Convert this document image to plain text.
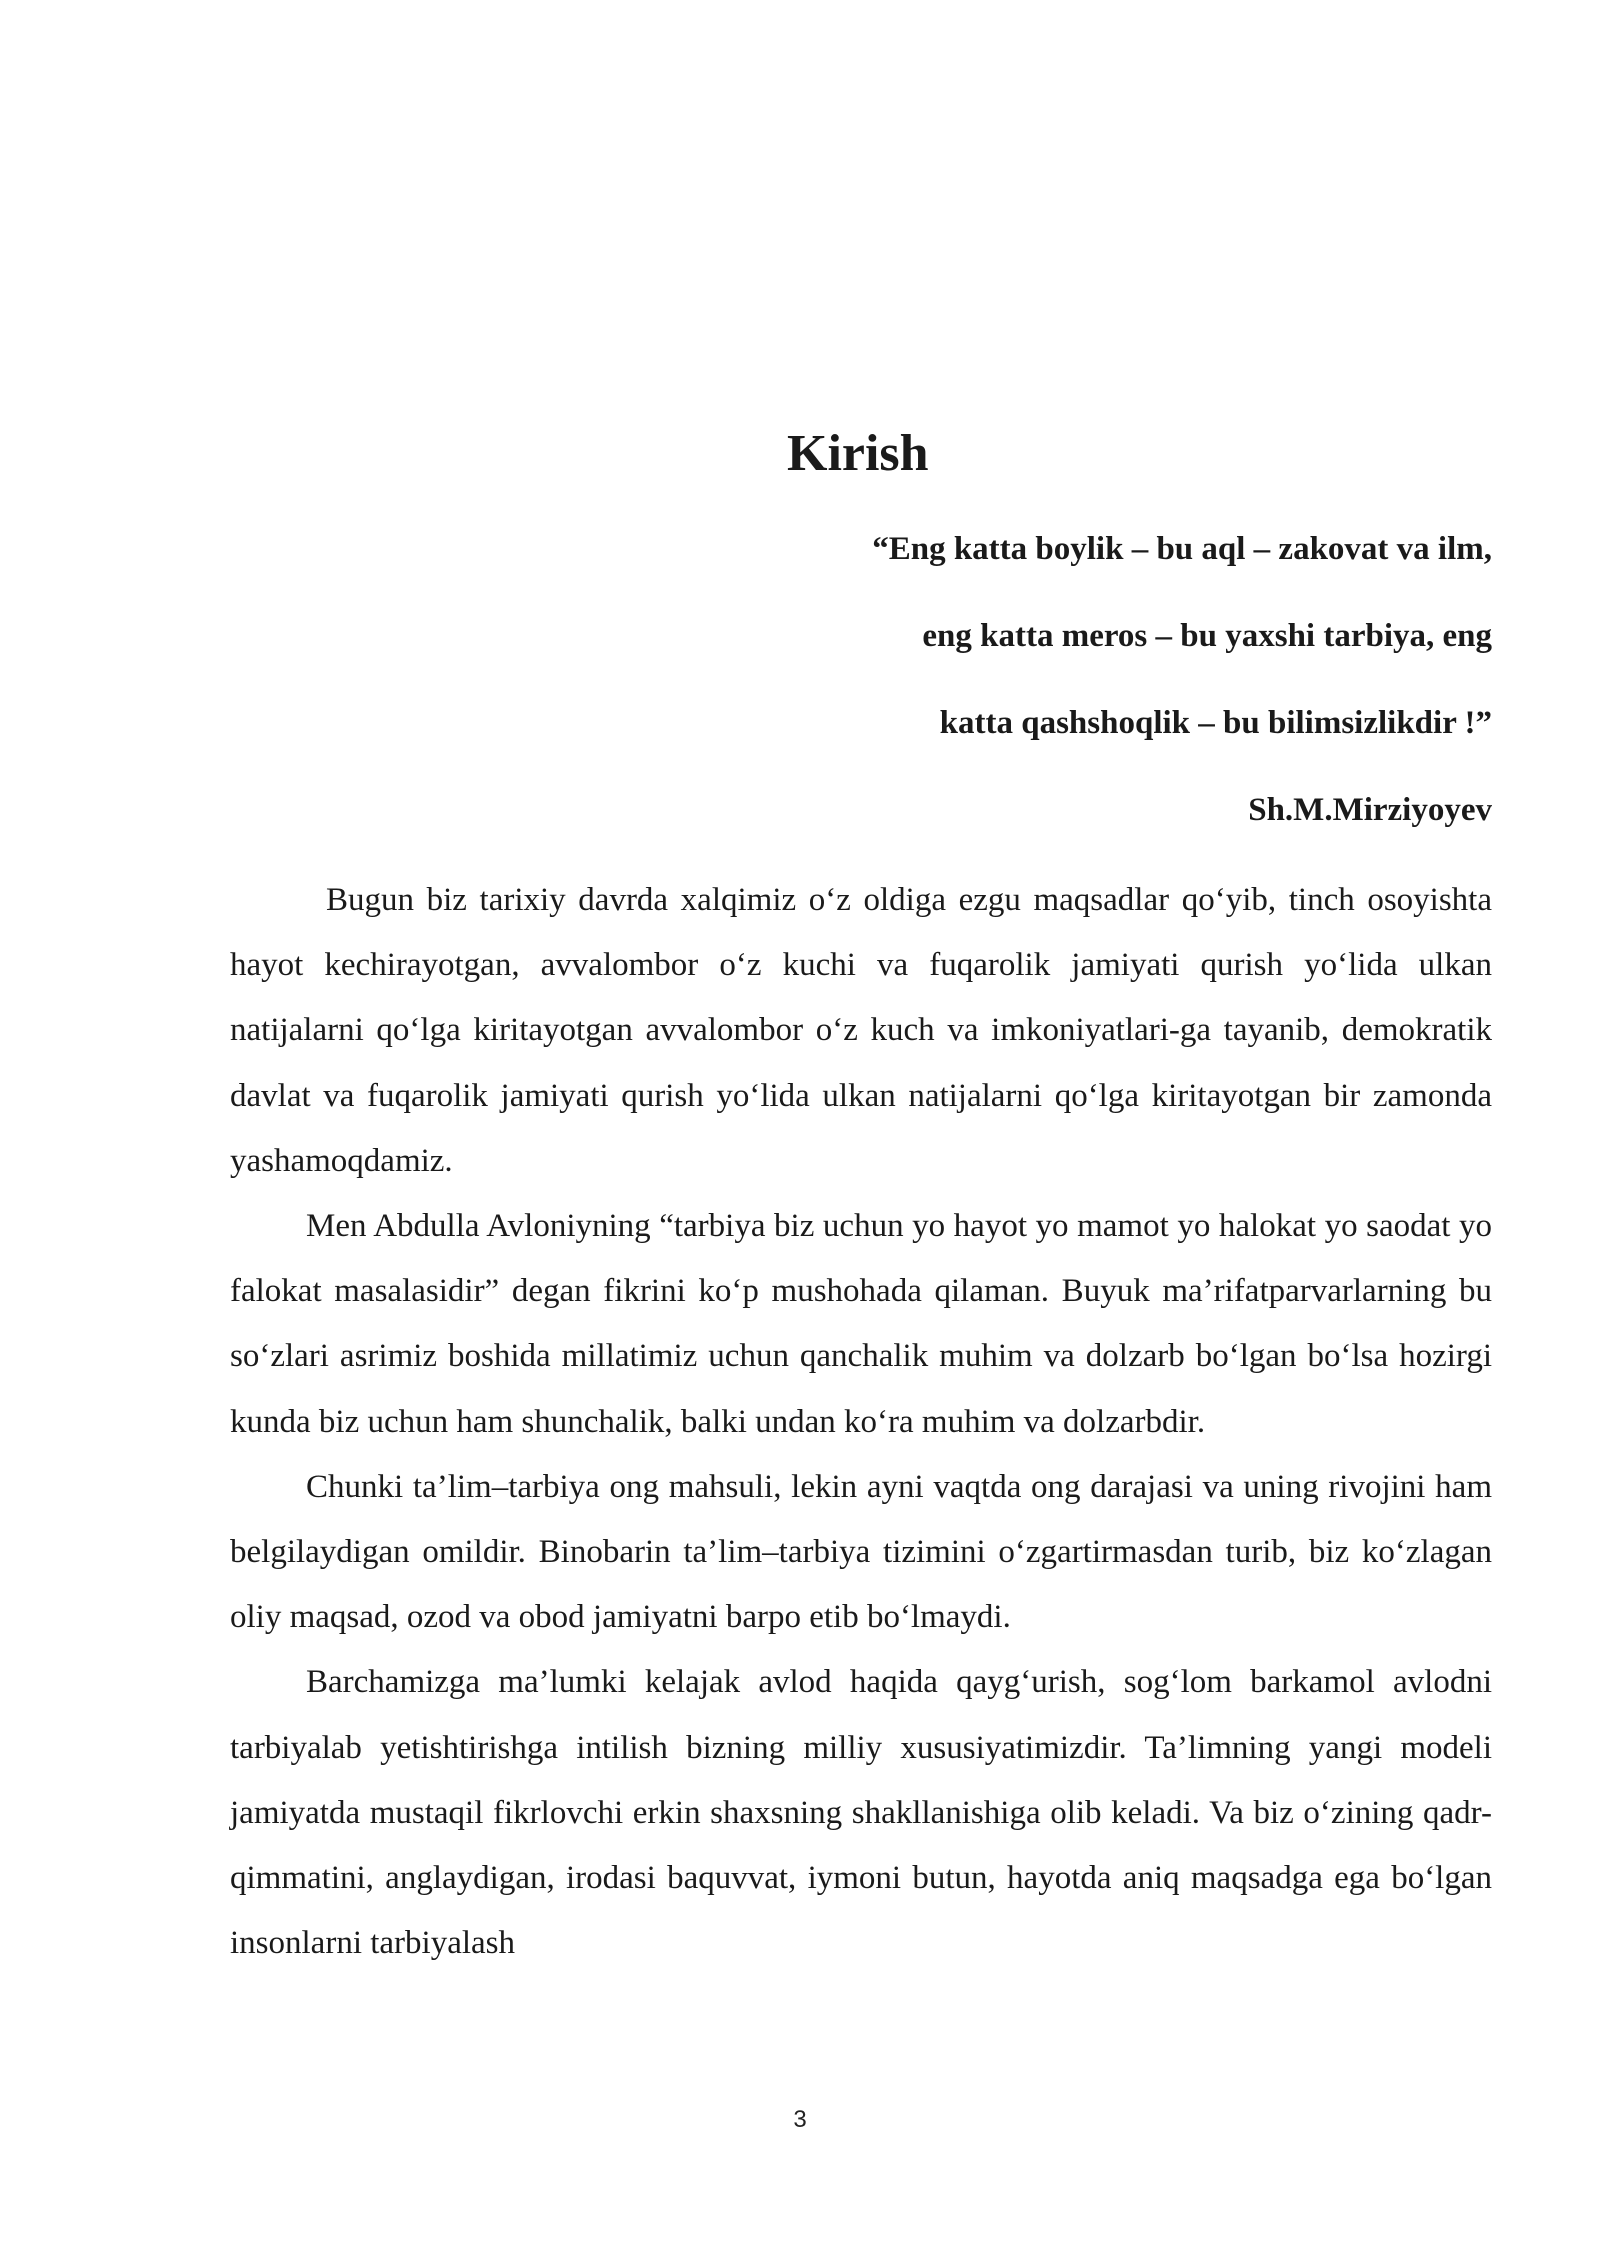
Kirish
“Eng katta boylik – bu aql – zakovat va ilm,
eng katta meros – bu yaxshi tarbiya, eng
katta qashshoqlik – bu bilimsizlikdir !”
Sh.M.Mirziyoyev

Bugun biz tarixiy davrda xalqimiz o‘z oldiga ezgu maqsadlar qo‘yib, tinch osoyishta hayot kechirayotgan, avvalombor o‘z kuchi va fuqarolik jamiyati qurish yo‘lida ulkan natijalarni qo‘lga kiritayotgan avvalombor o‘z kuch va imkoniyatlari-ga tayanib, demokratik davlat va fuqarolik jamiyati qurish yo‘lida ulkan natijalarni qo‘lga kiritayotgan bir zamonda yashamoqdamiz.

Men Abdulla Avloniyning “tarbiya biz uchun yo hayot yo mamot yo halokat yo saodat yo falokat masalasidir” degan fikrini ko‘p mushohada qilaman. Buyuk ma’rifatparvarlarning bu so‘zlari asrimiz boshida millatimiz uchun qanchalik muhim va dolzarb bo‘lgan bo‘lsa hozirgi kunda biz uchun ham shunchalik, balki undan ko‘ra muhim va dolzarbdir.

Chunki ta’lim–tarbiya ong mahsuli, lekin ayni vaqtda ong darajasi va uning rivojini ham belgilaydigan omildir. Binobarin ta’lim–tarbiya tizimini o‘zgartirmasdan turib, biz ko‘zlagan oliy maqsad, ozod va obod jamiyatni barpo etib bo‘lmaydi.

Barchamizga ma’lumki kelajak avlod haqida qayg‘urish, sog‘lom barkamol avlodni tarbiyalab yetishtirishga intilish bizning milliy xususiyatimizdir. Ta’limning yangi modeli jamiyatda mustaqil fikrlovchi erkin shaxsning shakllanishiga olib keladi. Va biz o‘zining qadr-qimmatini, anglaydigan, irodasi baquvvat, iymoni butun, hayotda aniq maqsadga ega bo‘lgan insonlarni tarbiyalash

3
